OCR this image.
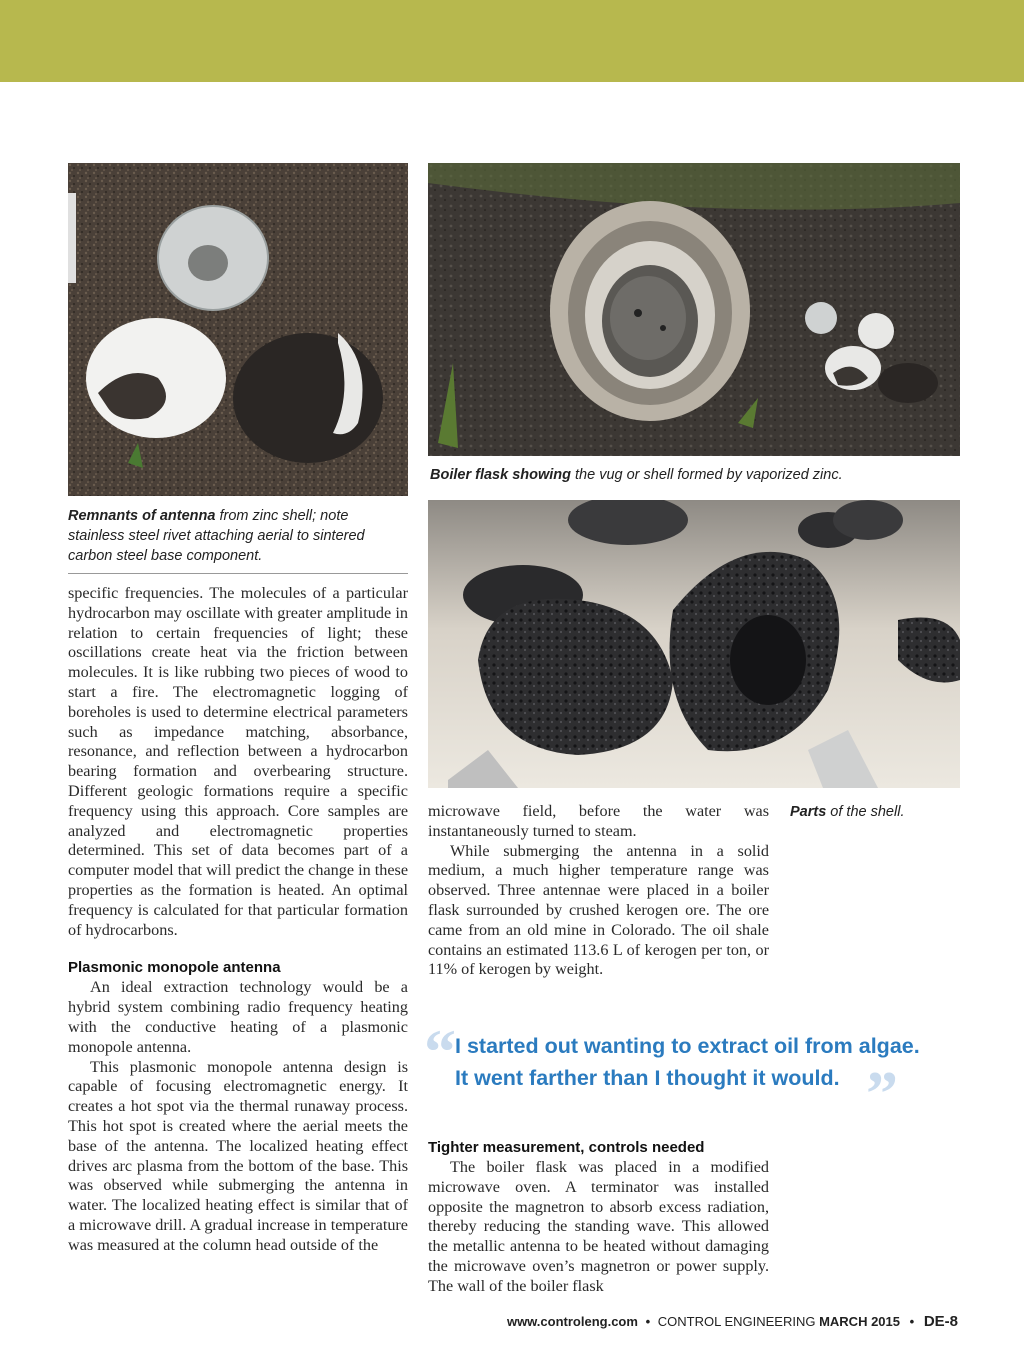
Remnants of antenna from zinc shell; note stainless steel rivet attaching aerial to sintered carbon steel base component.
Boiler flask showing the vug or shell formed by vaporized zinc.
Parts of the shell.

specific frequencies. The molecules of a particular hydrocarbon may oscillate with greater amplitude in relation to certain frequencies of light; these oscillations create heat via the friction between molecules. It is like rubbing two pieces of wood to start a fire. The electromagnetic logging of boreholes is used to determine electrical parameters such as impedance matching, absorbance, resonance, and reflection between a hydrocarbon bearing formation and overbearing structure. Different geologic formations require a specific frequency using this approach. Core samples are analyzed and electromagnetic properties determined. This set of data becomes part of a computer model that will predict the change in these properties as the formation is heated. An optimal frequency is calculated for that particular formation of hydrocarbons.

Plasmonic monopole antenna

An ideal extraction technology would be a hybrid system combining radio frequency heating with the conductive heating of a plasmonic monopole antenna.

This plasmonic monopole antenna design is capable of focusing electromagnetic energy. It creates a hot spot via the thermal runaway process. This hot spot is created where the aerial meets the base of the antenna. The localized heating effect drives arc plasma from the bottom of the base. This was observed while submerging the antenna in water. The localized heating effect is similar that of a microwave drill. A gradual increase in temperature was measured at the column head outside of the

microwave field, before the water was instantaneously turned to steam.

While submerging the antenna in a solid medium, a much higher temperature range was observed. Three antennae were placed in a boiler flask surrounded by crushed kerogen ore. The ore came from an old mine in Colorado. The oil shale contains an estimated 113.6 L of kerogen per ton, or 11% of kerogen by weight.

“ I started out wanting to extract oil from algae.
It went farther than I thought it would. ”
Tighter measurement, controls needed

The boiler flask was placed in a modified microwave oven. A terminator was installed opposite the magnetron to absorb excess radiation, thereby reducing the standing wave. This allowed the metallic antenna to be heated without damaging the microwave oven’s magnetron or power supply. The wall of the boiler flask

www.controleng.com • CONTROL ENGINEERING MARCH 2015 • DE-8
